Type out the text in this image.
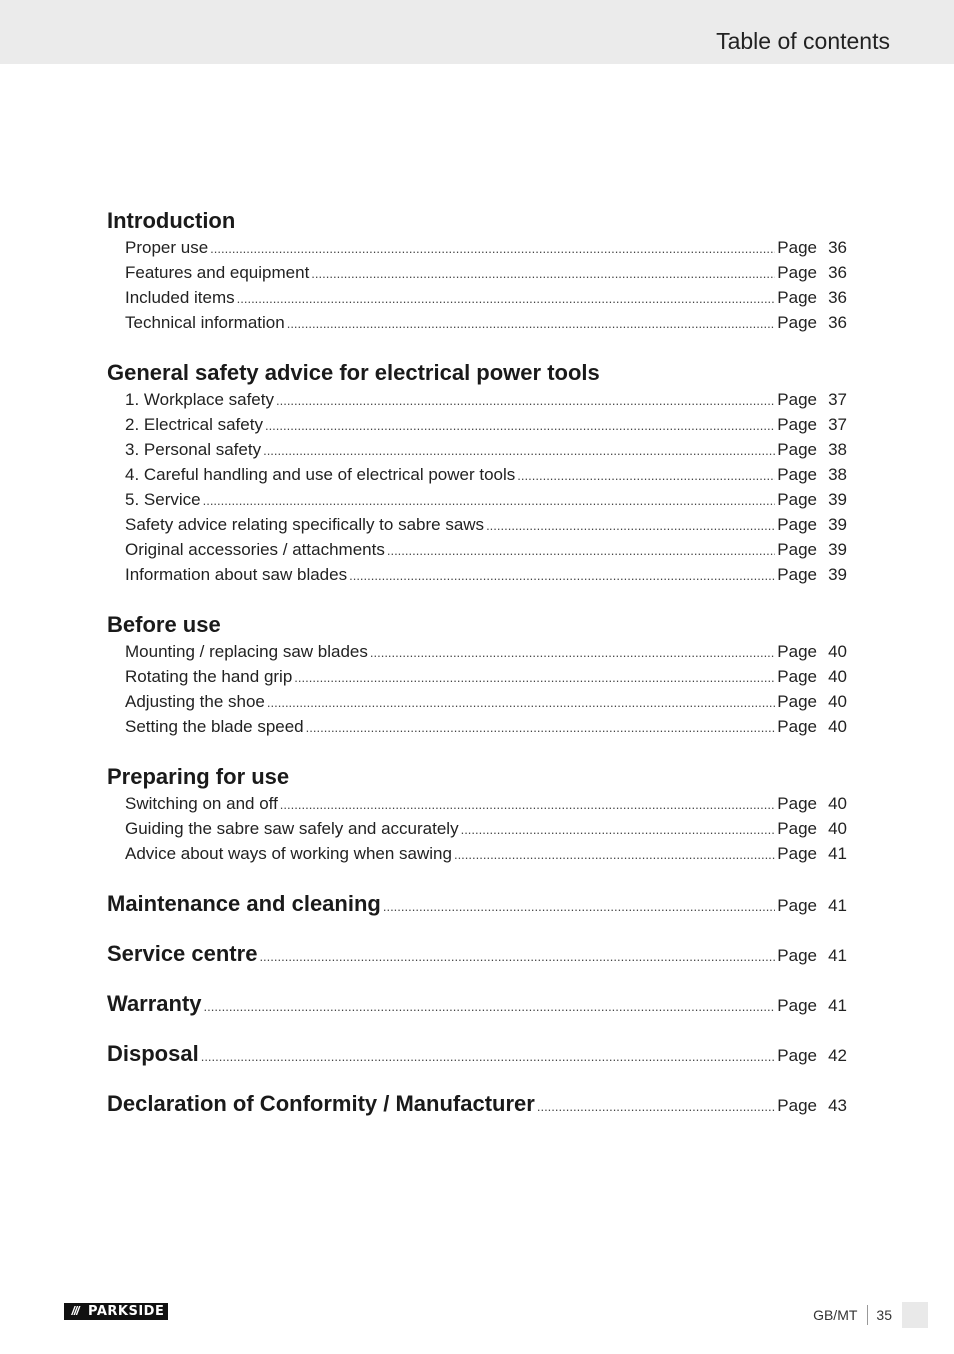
Table of contents
Introduction
Proper use .....	Page 36
Features and equipment .....	Page 36
Included items .....	Page 36
Technical information .....	Page 36
General safety advice for electrical power tools
1. Workplace safety .....	Page 37
2. Electrical safety .....	Page 37
3. Personal safety .....	Page 38
4. Careful handling and use of electrical power tools .....	Page 38
5. Service .....	Page 39
Safety advice relating specifically to sabre saws .....	Page 39
Original accessories / attachments .....	Page 39
Information about saw blades .....	Page 39
Before use
Mounting / replacing saw blades .....	Page 40
Rotating the hand grip .....	Page 40
Adjusting the shoe .....	Page 40
Setting the blade speed .....	Page 40
Preparing for use
Switching on and off .....	Page 40
Guiding the sabre saw safely and accurately .....	Page 40
Advice about ways of working when sawing .....	Page 41
Maintenance and cleaning .....	Page 41
Service centre .....	Page 41
Warranty .....	Page 41
Disposal .....	Page 42
Declaration of Conformity / Manufacturer .....	Page 43
/// PARKSIDE	GB/MT	35
